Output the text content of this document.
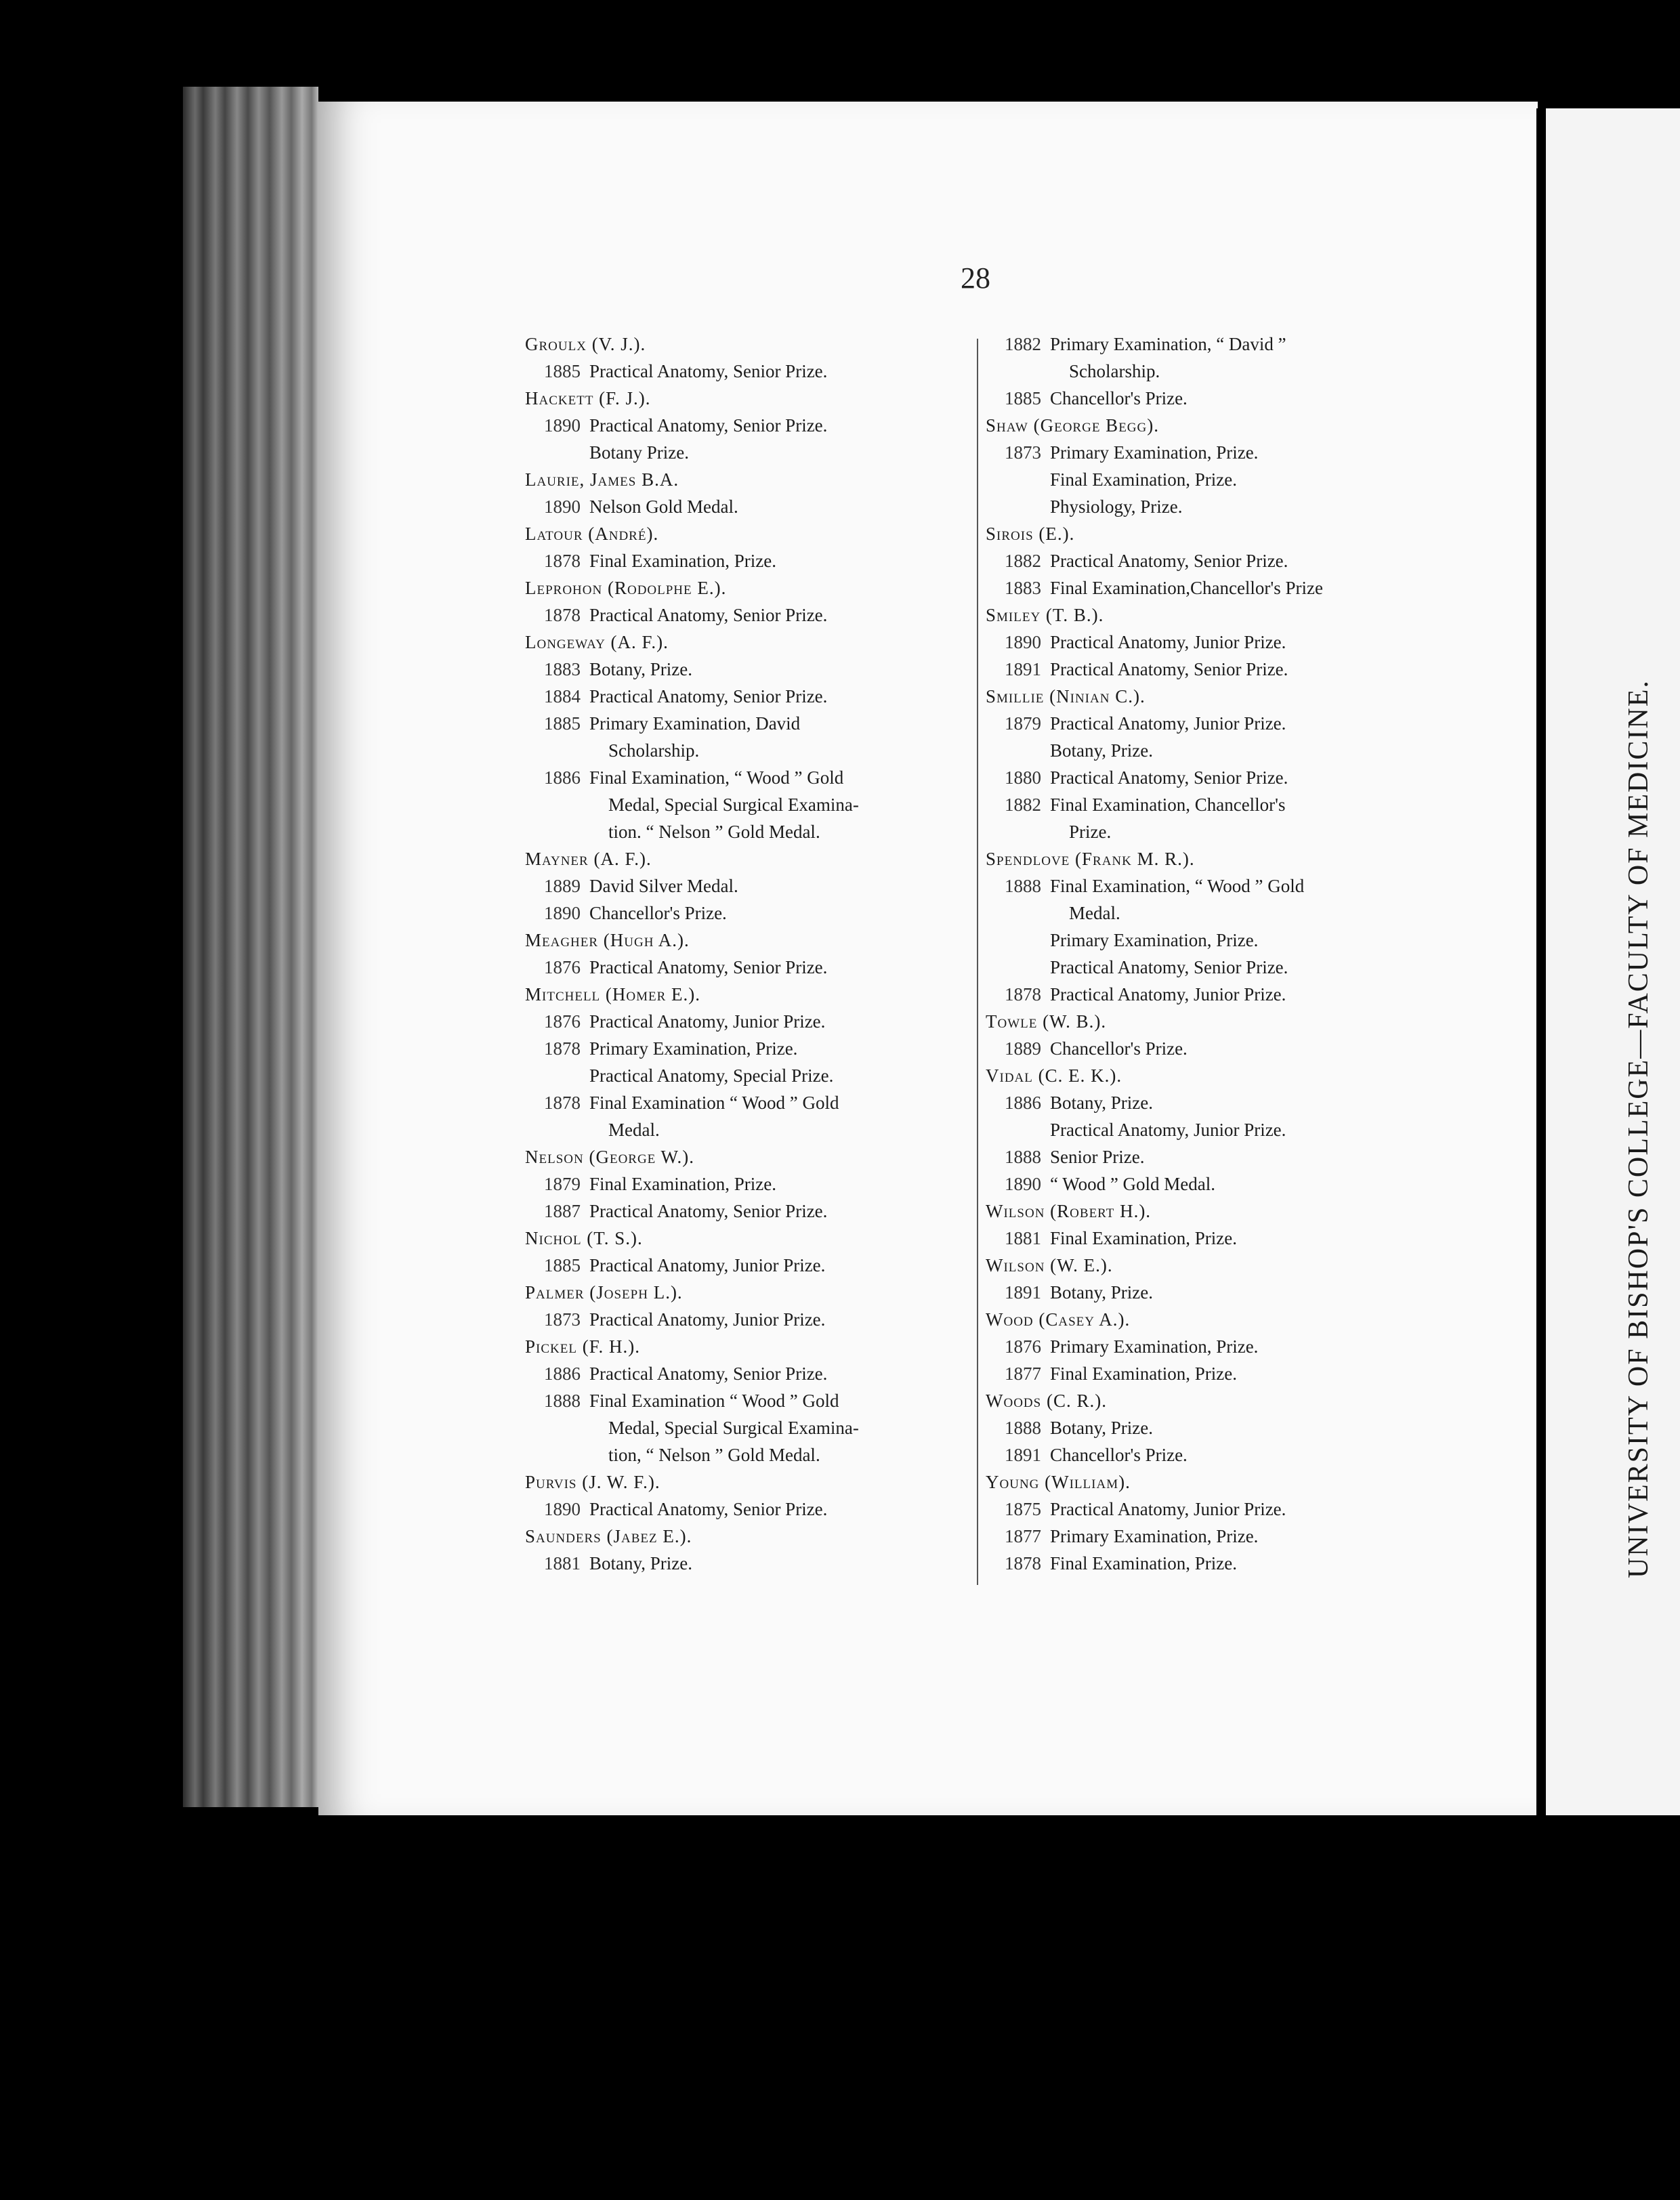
28
Groulx (V. J.).
1885 Practical Anatomy, Senior Prize.
Hackett (F. J.).
1890 Practical Anatomy, Senior Prize.
Botany Prize.
Laurie, James B.A.
1890 Nelson Gold Medal.
Latour (André).
1878 Final Examination, Prize.
Leprohon (Rodolphe E.).
1878 Practical Anatomy, Senior Prize.
Longeway (A. F.).
1883 Botany, Prize.
1884 Practical Anatomy, Senior Prize.
1885 Primary Examination, David
Scholarship.
1886 Final Examination, “ Wood ” Gold
Medal, Special Surgical Examina-
tion. “ Nelson ” Gold Medal.
Mayner (A. F.).
1889 David Silver Medal.
1890 Chancellor's Prize.
Meagher (Hugh A.).
1876 Practical Anatomy, Senior Prize.
Mitchell (Homer E.).
1876 Practical Anatomy, Junior Prize.
1878 Primary Examination, Prize.
Practical Anatomy, Special Prize.
1878 Final Examination “ Wood ” Gold
Medal.
Nelson (George W.).
1879 Final Examination, Prize.
1887 Practical Anatomy, Senior Prize.
Nichol (T. S.).
1885 Practical Anatomy, Junior Prize.
Palmer (Joseph L.).
1873 Practical Anatomy, Junior Prize.
Pickel (F. H.).
1886 Practical Anatomy, Senior Prize.
1888 Final Examination “ Wood ” Gold
Medal, Special Surgical Examina-
tion, “ Nelson ” Gold Medal.
Purvis (J. W. F.).
1890 Practical Anatomy, Senior Prize.
Saunders (Jabez E.).
1881 Botany, Prize.
1882 Primary Examination, “ David ”
Scholarship.
1885 Chancellor's Prize.
Shaw (George Begg).
1873 Primary Examination, Prize.
Final Examination, Prize.
Physiology, Prize.
Sirois (E.).
1882 Practical Anatomy, Senior Prize.
1883 Final Examination,Chancellor's Prize
Smiley (T. B.).
1890 Practical Anatomy, Junior Prize.
1891 Practical Anatomy, Senior Prize.
Smillie (Ninian C.).
1879 Practical Anatomy, Junior Prize.
Botany, Prize.
1880 Practical Anatomy, Senior Prize.
1882 Final Examination, Chancellor's
Prize.
Spendlove (Frank M. R.).
1888 Final Examination, “ Wood ” Gold
Medal.
Primary Examination, Prize.
Practical Anatomy, Senior Prize.
1878 Practical Anatomy, Junior Prize.
Towle (W. B.).
1889 Chancellor's Prize.
Vidal (C. E. K.).
1886 Botany, Prize.
Practical Anatomy, Junior Prize.
1888 Senior Prize.
1890 “ Wood ” Gold Medal.
Wilson (Robert H.).
1881 Final Examination, Prize.
Wilson (W. E.).
1891 Botany, Prize.
Wood (Casey A.).
1876 Primary Examination, Prize.
1877 Final Examination, Prize.
Woods (C. R.).
1888 Botany, Prize.
1891 Chancellor's Prize.
Young (William).
1875 Practical Anatomy, Junior Prize.
1877 Primary Examination, Prize.
1878 Final Examination, Prize.	UNIVERSITY OF BISHOP'S COLLEGE—FACULTY OF MEDICINE.
